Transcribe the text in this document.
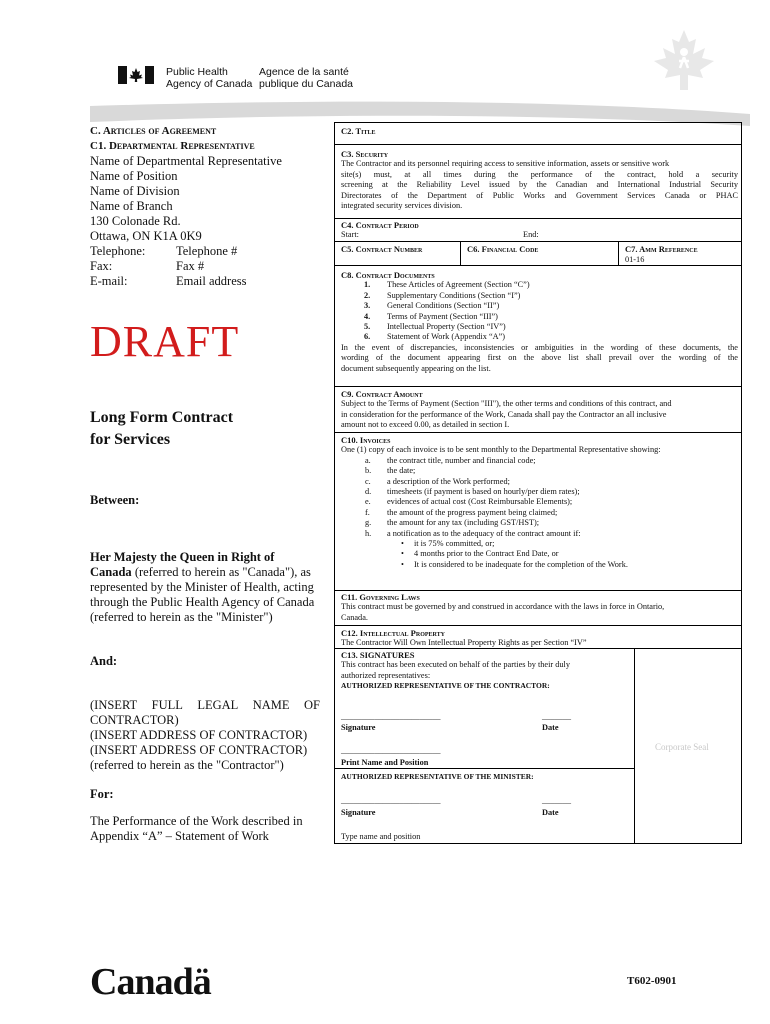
Public Health
Agency of Canada
Agence de la santé
publique du Canada
C. Articles of Agreement
C1. Departmental Representative
Name of Departmental Representative
Name of Position
Name of Division
Name of Branch
130 Colonade Rd.
Ottawa, ON K1A 0K9
Telephone: Telephone #
Fax:	Fax #
E-mail:	Email address
DRAFT
Long Form Contract
for Services
Between:
Her Majesty the Queen in Right of
Canada (referred to herein as "Canada"), as
represented by the Minister of Health, acting
through the Public Health Agency of Canada
(referred to herein as the "Minister")
And:
(INSERT FULL LEGAL NAME OF
CONTRACTOR)
(INSERT ADDRESS OF CONTRACTOR)
(INSERT ADDRESS OF CONTRACTOR)
(referred to herein as the "Contractor")
For:
The Performance of the Work described in
Appendix “A” – Statement of Work
C2. Title
C3. Security
The Contractor and its personnel requiring access to sensitive information, assets or sensitive work
site(s) must, at all times during the performance of the contract, hold a security
screening at the Reliability Level issued by the Canadian and International Industrial Security
Directorates of the Department of Public Works and Government Services Canada or PHAC
integrated security services division.
C4. Contract Period
Start:	End:
C5. Contract Number	C6. Financial Code	C7. Amm Reference
01-16
C8. Contract Documents
1. These Articles of Agreement (Section “C”)
2. Supplementary Conditions (Section “I”)
3. General Conditions (Section “II”)
4. Terms of Payment (Section “III”)
5. Intellectual Property (Section “IV”)
6. Statement of Work (Appendix “A”)
In the event of discrepancies, inconsistencies or ambiguities in the wording of these documents, the
wording of the document appearing first on the above list shall prevail over the wording of the
document subsequently appearing on the list.
C9. Contract Amount
Subject to the Terms of Payment (Section "III"), the other terms and conditions of this contract, and
in consideration for the performance of the Work, Canada shall pay the Contractor an all inclusive
amount not to exceed 0.00, as detailed in section I.
C10. Invoices
One (1) copy of each invoice is to be sent monthly to the Departmental Representative showing:
a. the contract title, number and financial code;
b. the date;
c. a description of the Work performed;
d. timesheets (if payment is based on hourly/per diem rates);
e. evidences of actual cost (Cost Reimbursable Elements);
f. the amount of the progress payment being claimed;
g. the amount for any tax (including GST/HST);
h. a notification as to the adequacy of the contract amount if:
• it is 75% committed, or;
• 4 months prior to the Contract End Date, or
• It is considered to be inadequate for the completion of the Work.
C11. Governing Laws
This contract must be governed by and construed in accordance with the laws in force in Ontario,
Canada.
C12. Intellectual Property
The Contractor Will Own Intellectual Property Rights as per Section “IV”
C13. SIGNATURES
This contract has been executed on behalf of the parties by their duly
authorized representatives:
AUTHORIZED REPRESENTATIVE OF THE CONTRACTOR:
________________________	_______
Signature	Date
________________________
Print Name and Position
Corporate Seal
AUTHORIZED REPRESENTATIVE OF THE MINISTER:
________________________	_______
Signature	Date
Type name and position
Canadä	T602-0901
